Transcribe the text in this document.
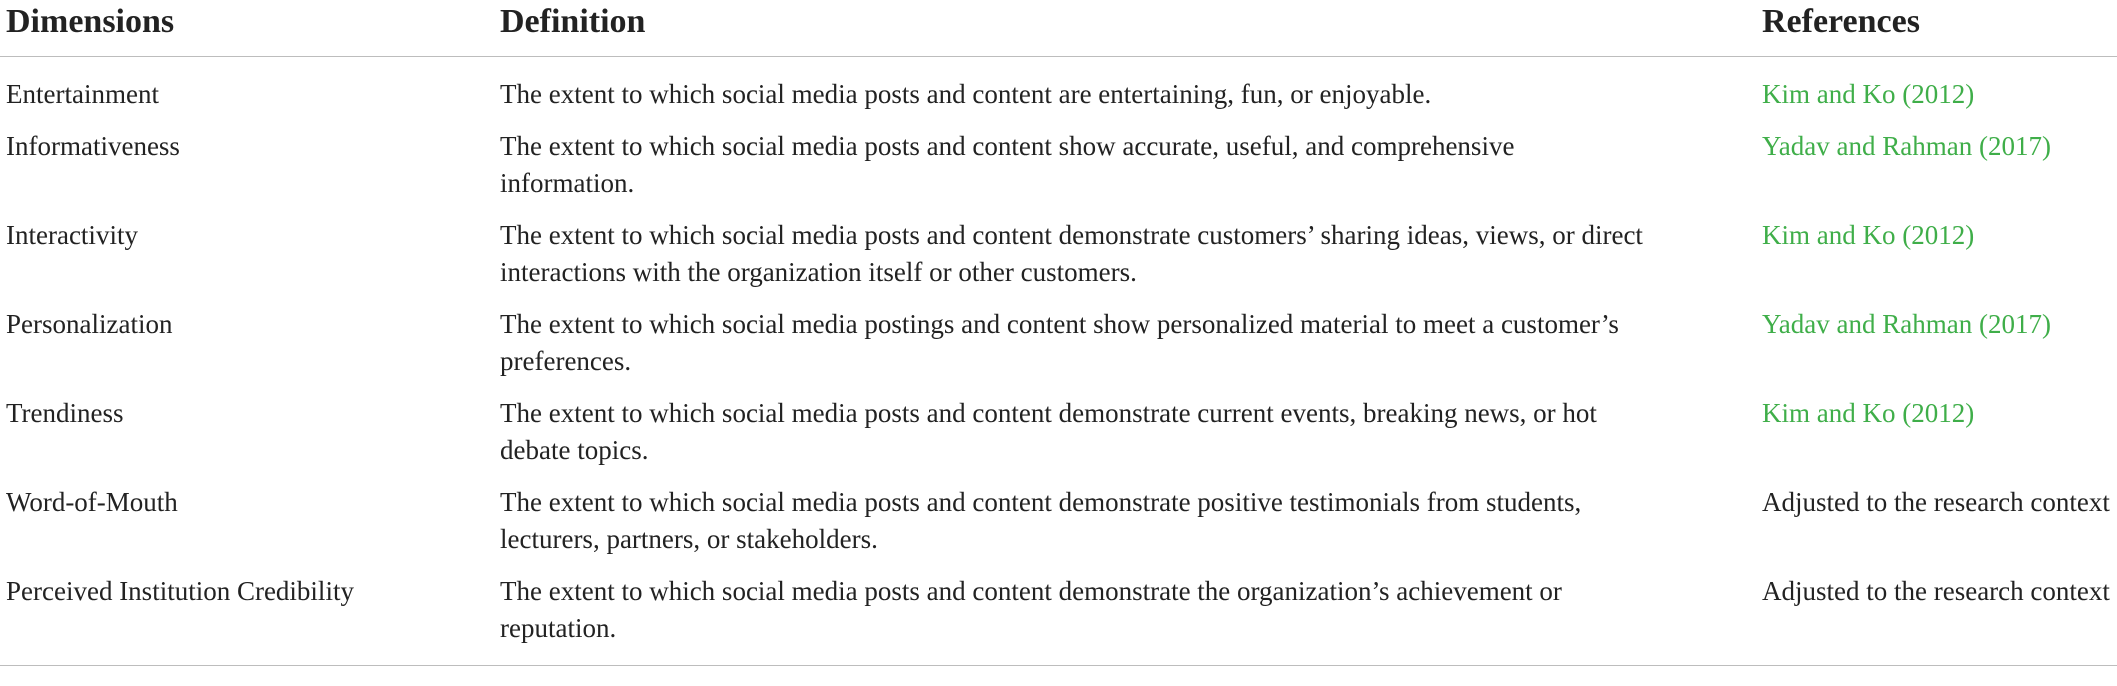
Dimensions	Definition	References
Entertainment	The extent to which social media posts and content are entertaining, fun, or enjoyable.	Kim and Ko (2012)
Informativeness	The extent to which social media posts and content show accurate, useful, and comprehensive information.	Yadav and Rahman (2017)
Interactivity	The extent to which social media posts and content demonstrate customers’ sharing ideas, views, or direct interactions with the organization itself or other customers.	Kim and Ko (2012)
Personalization	The extent to which social media postings and content show personalized material to meet a customer’s preferences.	Yadav and Rahman (2017)
Trendiness	The extent to which social media posts and content demonstrate current events, breaking news, or hot debate topics.	Kim and Ko (2012)
Word-of-Mouth	The extent to which social media posts and content demonstrate positive testimonials from students, lecturers, partners, or stakeholders.	Adjusted to the research context
Perceived Institution Credibility	The extent to which social media posts and content demonstrate the organization’s achievement or reputation.	Adjusted to the research context
